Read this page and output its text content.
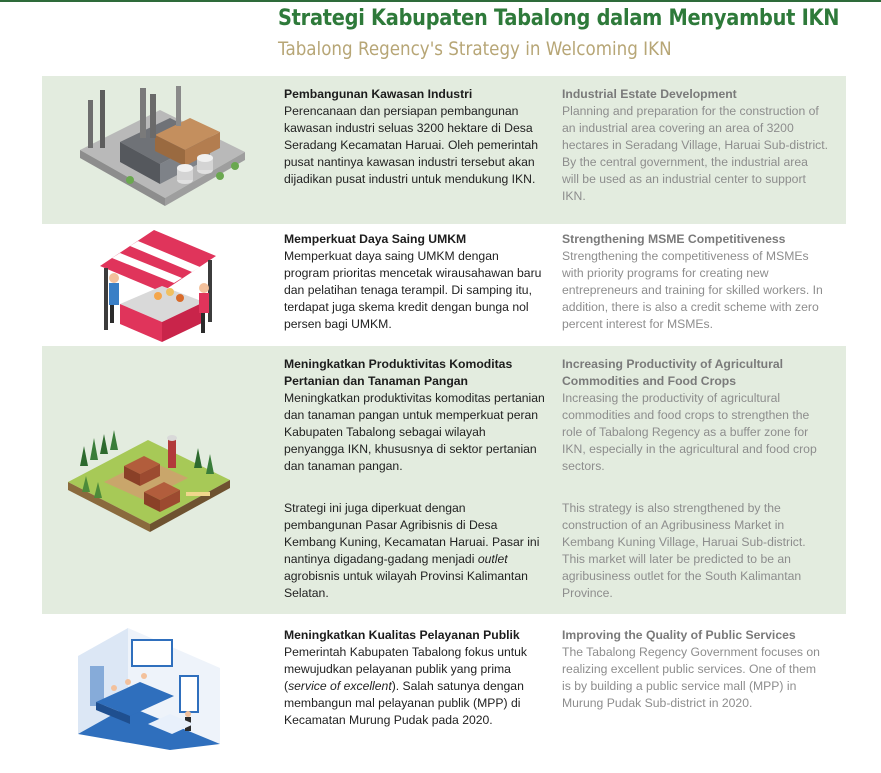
Strategi Kabupaten Tabalong dalam Menyambut IKN
Tabalong Regency's Strategy in Welcoming IKN
Pembangunan Kawasan Industri

Perencanaan dan persiapan pembangunan kawasan industri seluas 3200 hektare di Desa Seradang Kecamatan Haruai. Oleh pemerintah pusat nantinya kawasan industri tersebut akan dijadikan pusat industri untuk mendukung IKN.

Industrial Estate Development

Planning and preparation for the construction of an industrial area covering an area of 3200 hectares in Seradang Village, Haruai Sub-district. By the central government, the industrial area will be used as an industrial center to support IKN.

Memperkuat Daya Saing UMKM

Memperkuat daya saing UMKM dengan program prioritas mencetak wirausahawan baru dan pelatihan tenaga terampil. Di samping itu, terdapat juga skema kredit dengan bunga nol persen bagi UMKM.

Strengthening MSME Competitiveness

Strengthening the competitiveness of MSMEs with priority programs for creating new entrepreneurs and training for skilled workers. In addition, there is also a credit scheme with zero percent interest for MSMEs.

Meningkatkan Produktivitas Komoditas Pertanian dan Tanaman Pangan

Meningkatkan produktivitas komoditas pertanian dan tanaman pangan untuk memperkuat peran Kabupaten Tabalong sebagai wilayah penyangga IKN, khususnya di sektor pertanian dan tanaman pangan.

Strategi ini juga diperkuat dengan pembangunan Pasar Agribisnis di Desa Kembang Kuning, Kecamatan Haruai. Pasar ini nantinya digadang-gadang menjadi outlet agrobisnis untuk wilayah Provinsi Kalimantan Selatan.

Increasing Productivity of Agricultural Commodities and Food Crops

Increasing the productivity of agricultural commodities and food crops to strengthen the role of Tabalong Regency as a buffer zone for IKN, especially in the agricultural and food crop sectors.

This strategy is also strengthened by the construction of an Agribusiness Market in Kembang Kuning Village, Haruai Sub-district. This market will later be predicted to be an agribusiness outlet for the South Kalimantan Province.

Meningkatkan Kualitas Pelayanan Publik

Pemerintah Kabupaten Tabalong fokus untuk mewujudkan pelayanan publik yang prima (service of excellent). Salah satunya dengan membangun mal pelayanan publik (MPP) di Kecamatan Murung Pudak pada 2020.

Improving the Quality of Public Services

The Tabalong Regency Government focuses on realizing excellent public services. One of them is by building a public service mall (MPP) in Murung Pudak Sub-district in 2020.
